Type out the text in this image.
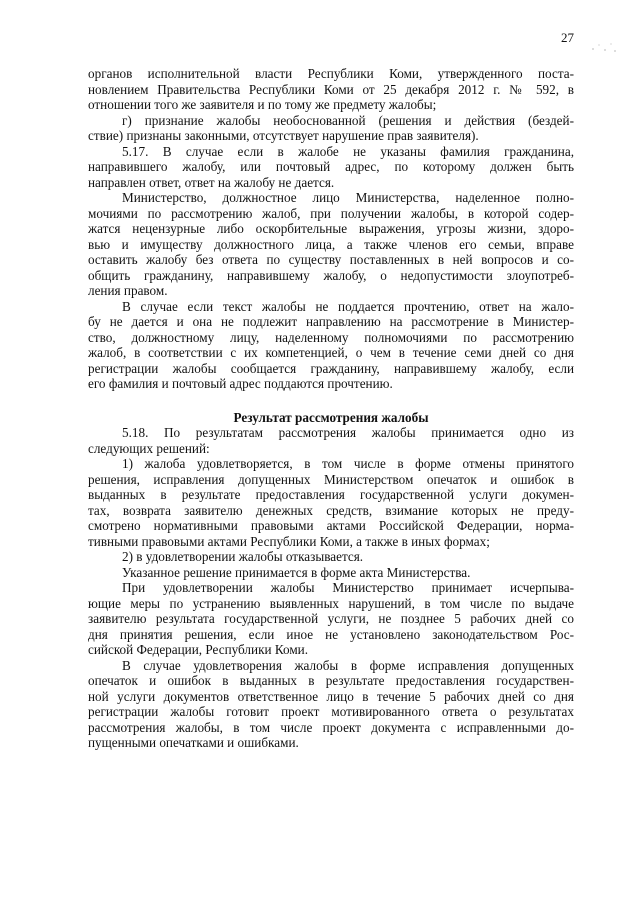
27
органов исполнительной власти Республики Коми, утвержденного поста-
новлением Правительства Республики Коми от 25 декабря 2012 г. № 592, в
отношении того же заявителя и по тому же предмету жалобы;
г) признание жалобы необоснованной (решения и действия (бездей-
ствие) признаны законными, отсутствует нарушение прав заявителя).
5.17. В случае если в жалобе не указаны фамилия гражданина,
направившего жалобу, или почтовый адрес, по которому должен быть
направлен ответ, ответ на жалобу не дается.
Министерство, должностное лицо Министерства, наделенное полно-
мочиями по рассмотрению жалоб, при получении жалобы, в которой содер-
жатся нецензурные либо оскорбительные выражения, угрозы жизни, здоро-
вью и имуществу должностного лица, а также членов его семьи, вправе
оставить жалобу без ответа по существу поставленных в ней вопросов и со-
общить гражданину, направившему жалобу, о недопустимости злоупотреб-
ления правом.
В случае если текст жалобы не поддается прочтению, ответ на жало-
бу не дается и она не подлежит направлению на рассмотрение в Министер-
ство, должностному лицу, наделенному полномочиями по рассмотрению
жалоб, в соответствии с их компетенцией, о чем в течение семи дней со дня
регистрации жалобы сообщается гражданину, направившему жалобу, если
его фамилия и почтовый адрес поддаются прочтению.
Результат рассмотрения жалобы
5.18. По результатам рассмотрения жалобы принимается одно из
следующих решений:
1) жалоба удовлетворяется, в том числе в форме отмены принятого
решения, исправления допущенных Министерством опечаток и ошибок в
выданных в результате предоставления государственной услуги докумен-
тах, возврата заявителю денежных средств, взимание которых не преду-
смотрено нормативными правовыми актами Российской Федерации, норма-
тивными правовыми актами Республики Коми, а также в иных формах;
2) в удовлетворении жалобы отказывается.
Указанное решение принимается в форме акта Министерства.
При удовлетворении жалобы Министерство принимает исчерпыва-
ющие меры по устранению выявленных нарушений, в том числе по выдаче
заявителю результата государственной услуги, не позднее 5 рабочих дней со
дня принятия решения, если иное не установлено законодательством Рос-
сийской Федерации, Республики Коми.
В случае удовлетворения жалобы в форме исправления допущенных
опечаток и ошибок в выданных в результате предоставления государствен-
ной услуги документов ответственное лицо в течение 5 рабочих дней со дня
регистрации жалобы готовит проект мотивированного ответа о результатах
рассмотрения жалобы, в том числе проект документа с исправленными до-
пущенными опечатками и ошибками.
